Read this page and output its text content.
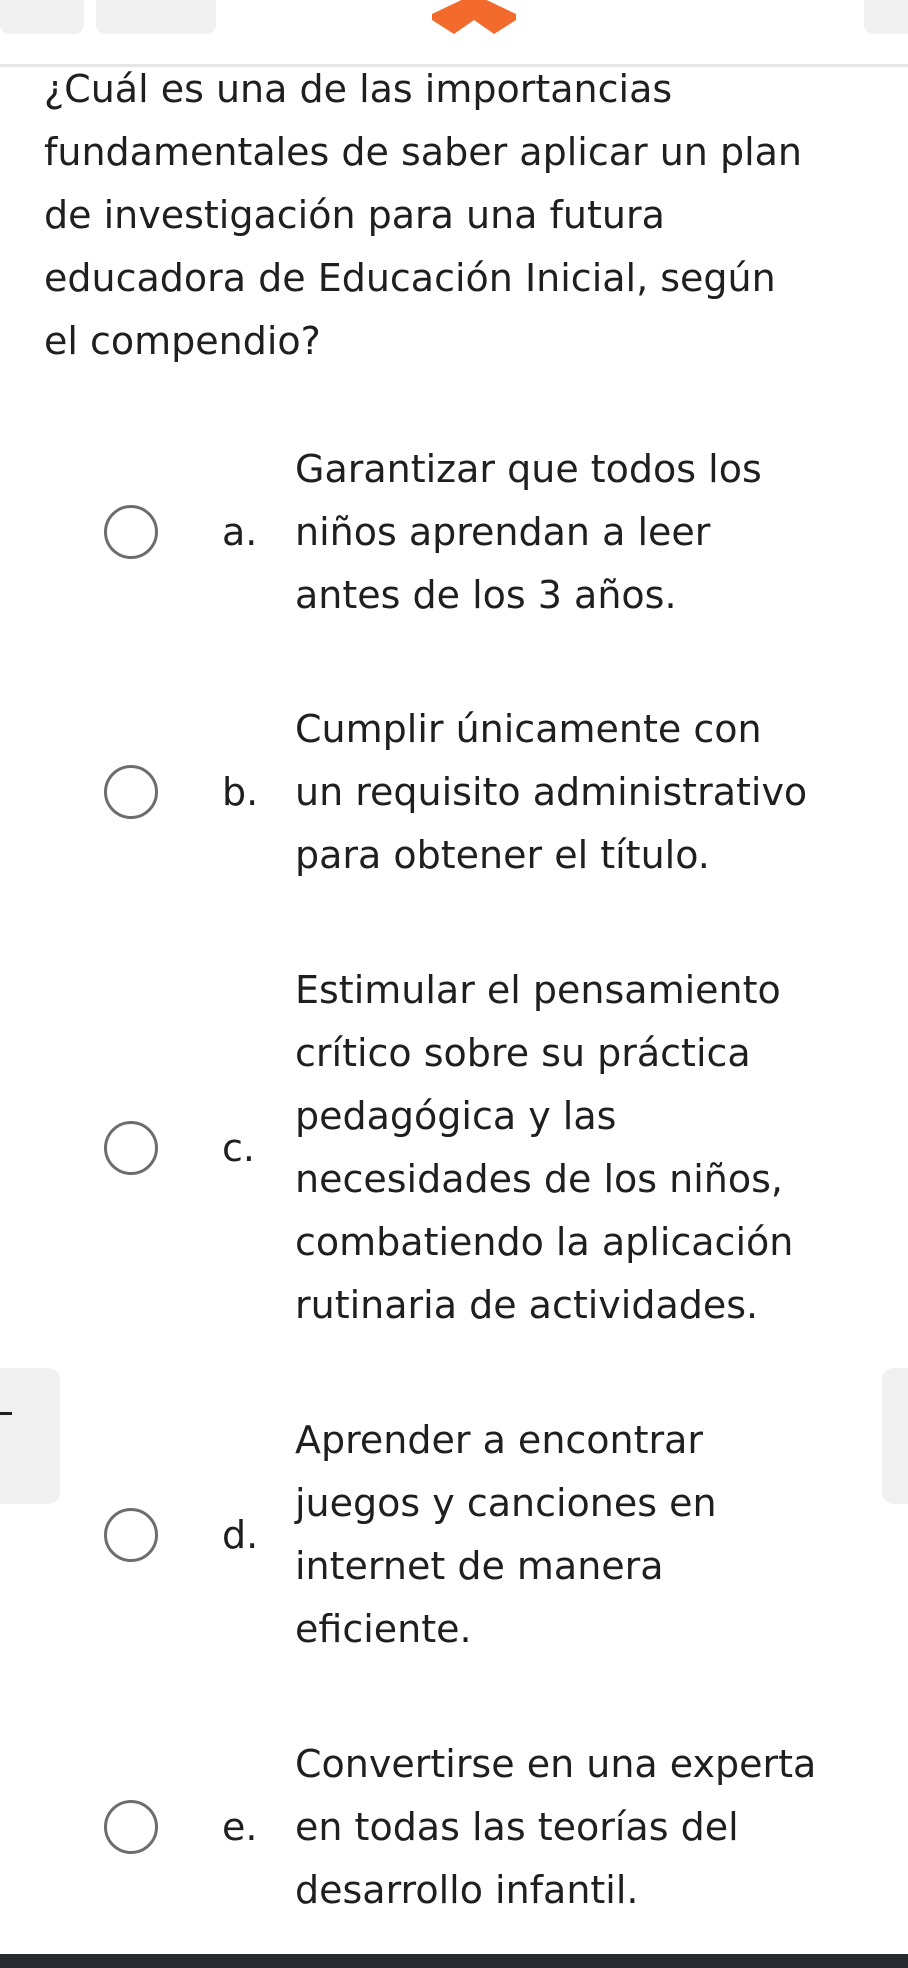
¿Cuál es una de las importancias
fundamentales de saber aplicar un plan
de investigación para una futura
educadora de Educación Inicial, según
el compendio?
a.
Garantizar que todos los
niños aprendan a leer
antes de los 3 años.
b.
Cumplir únicamente con
un requisito administrativo
para obtener el título.
c.
Estimular el pensamiento
crítico sobre su práctica
pedagógica y las
necesidades de los niños,
combatiendo la aplicación
rutinaria de actividades.
d.
Aprender a encontrar
juegos y canciones en
internet de manera
eficiente.
e.
Convertirse en una experta
en todas las teorías del
desarrollo infantil.
